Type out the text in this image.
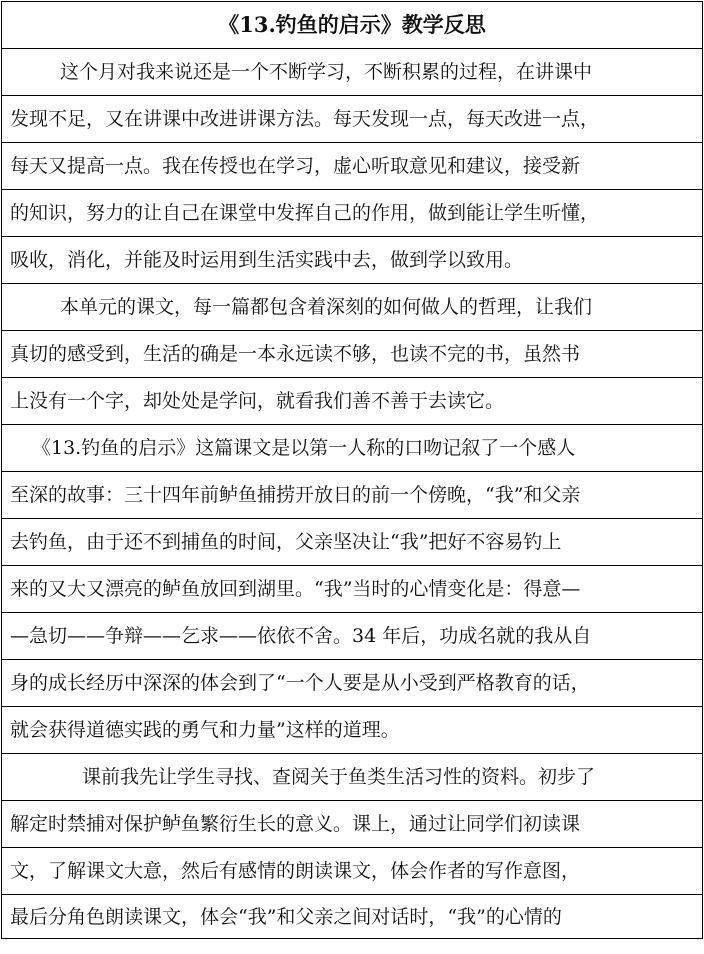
《13.钓鱼的启示》教学反思
这个月对我来说还是一个不断学习，不断积累的过程，在讲课中
发现不足，又在讲课中改进讲课方法。每天发现一点，每天改进一点，
每天又提高一点。我在传授也在学习，虚心听取意见和建议，接受新
的知识，努力的让自己在课堂中发挥自己的作用，做到能让学生听懂，
吸收，消化，并能及时运用到生活实践中去，做到学以致用。
本单元的课文，每一篇都包含着深刻的如何做人的哲理，让我们
真切的感受到，生活的确是一本永远读不够，也读不完的书，虽然书
上没有一个字，却处处是学问，就看我们善不善于去读它。
《13.钓鱼的启示》这篇课文是以第一人称的口吻记叙了一个感人
至深的故事：三十四年前鲈鱼捕捞开放日的前一个傍晚，“我”和父亲
去钓鱼，由于还不到捕鱼的时间，父亲坚决让“我”把好不容易钓上
来的又大又漂亮的鲈鱼放回到湖里。“我”当时的心情变化是：得意—
—急切——争辩——乞求——依依不舍。34 年后，功成名就的我从自
身的成长经历中深深的体会到了“一个人要是从小受到严格教育的话，
就会获得道德实践的勇气和力量”这样的道理。
课前我先让学生寻找、查阅关于鱼类生活习性的资料。初步了
解定时禁捕对保护鲈鱼繁衍生长的意义。课上，通过让同学们初读课
文，了解课文大意，然后有感情的朗读课文，体会作者的写作意图，
最后分角色朗读课文，体会“我”和父亲之间对话时，“我”的心情的
